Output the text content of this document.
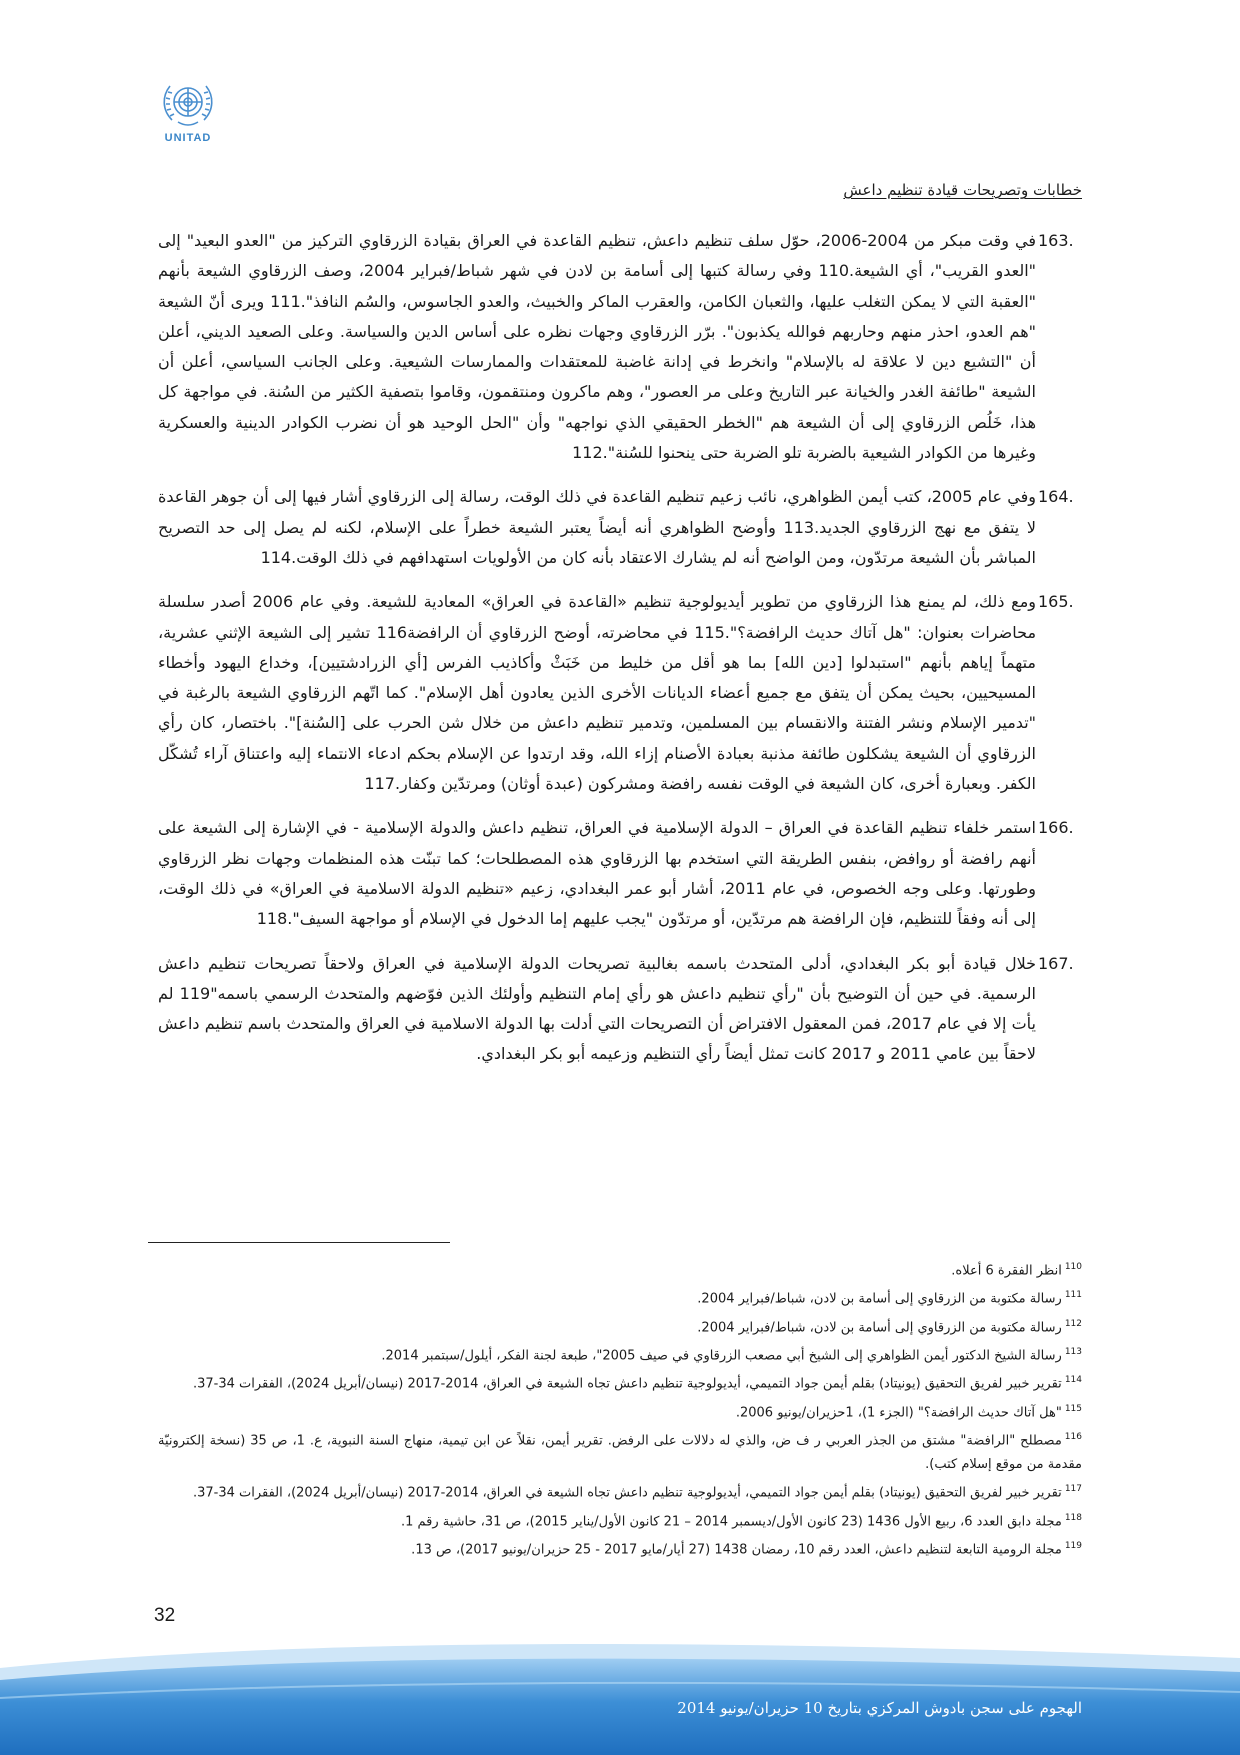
UNITAD
خطابات وتصريحات قيادة تنظيم داعش
163.
في وقت مبكر من 2004-2006، حوّل سلف تنظيم داعش، تنظيم القاعدة في العراق بقيادة الزرقاوي التركيز من "العدو البعيد" إلى "العدو القريب"، أي الشيعة.110 وفي رسالة كتبها إلى أسامة بن لادن في شهر شباط/فبراير 2004، وصف الزرقاوي الشيعة بأنهم "العقبة التي لا يمكن التغلب عليها، والثعبان الكامن، والعقرب الماكر والخبيث، والعدو الجاسوس، والسُم النافذ".111 ويرى أنّ الشيعة "هم العدو، احذر منهم وحاربهم فوالله يكذبون". برّر الزرقاوي وجهات نظره على أساس الدين والسياسة. وعلى الصعيد الديني، أعلن أن "التشيع دين لا علاقة له بالإسلام" وانخرط في إدانة غاضبة للمعتقدات والممارسات الشيعية. وعلى الجانب السياسي، أعلن أن الشيعة "طائفة الغدر والخيانة عبر التاريخ وعلى مر العصور"، وهم ماكرون ومنتقمون، وقاموا بتصفية الكثير من السُنة. في مواجهة كل هذا، خَلُص الزرقاوي إلى أن الشيعة هم "الخطر الحقيقي الذي نواجهه" وأن "الحل الوحيد هو أن نضرب الكوادر الدينية والعسكرية وغيرها من الكوادر الشيعية بالضربة تلو الضربة حتى ينحنوا للسُنة".112
164.
وفي عام 2005، كتب أيمن الظواهري، نائب زعيم تنظيم القاعدة في ذلك الوقت، رسالة إلى الزرقاوي أشار فيها إلى أن جوهر القاعدة لا يتفق مع نهج الزرقاوي الجديد.113 وأوضح الظواهري أنه أيضاً يعتبر الشيعة خطراً على الإسلام، لكنه لم يصل إلى حد التصريح المباشر بأن الشيعة مرتدّون، ومن الواضح أنه لم يشارك الاعتقاد بأنه كان من الأولويات استهدافهم في ذلك الوقت.114
165.
ومع ذلك، لم يمنع هذا الزرقاوي من تطوير أيديولوجية تنظيم «القاعدة في العراق» المعادية للشيعة. وفي عام 2006 أصدر سلسلة محاضرات بعنوان: "هل آتاك حديث الرافضة؟".115 في محاضرته، أوضح الزرقاوي أن الرافضة116 تشير إلى الشيعة الإثني عشرية، متهماً إياهم بأنهم "استبدلوا [دين الله] بما هو أقل من خليط من خَبَثْ وأكاذيب الفرس [أي الزرادشتيين]، وخداع اليهود وأخطاء المسيحيين، بحيث يمكن أن يتفق مع جميع أعضاء الديانات الأخرى الذين يعادون أهل الإسلام". كما اتّهم الزرقاوي الشيعة بالرغبة في "تدمير الإسلام ونشر الفتنة والانقسام بين المسلمين، وتدمير تنظيم داعش من خلال شن الحرب على [السُنة]". باختصار، كان رأي الزرقاوي أن الشيعة يشكلون طائفة مذنبة بعبادة الأصنام إزاء الله، وقد ارتدوا عن الإسلام بحكم ادعاء الانتماء إليه واعتناق آراء تُشكّل الكفر. وبعبارة أخرى، كان الشيعة في الوقت نفسه رافضة ومشركون (عبدة أوثان) ومرتدّين وكفار.117
166.
استمر خلفاء تنظيم القاعدة في العراق – الدولة الإسلامية في العراق، تنظيم داعش والدولة الإسلامية - في الإشارة إلى الشيعة على أنهم رافضة أو روافض، بنفس الطريقة التي استخدم بها الزرقاوي هذه المصطلحات؛ كما تبنّت هذه المنظمات وجهات نظر الزرقاوي وطورتها. وعلى وجه الخصوص، في عام 2011، أشار أبو عمر البغدادي، زعيم «تنظيم الدولة الاسلامية في العراق» في ذلك الوقت، إلى أنه وفقاً للتنظيم، فإن الرافضة هم مرتدّين، أو مرتدّون "يجب عليهم إما الدخول في الإسلام أو مواجهة السيف".118
167.
خلال قيادة أبو بكر البغدادي، أدلى المتحدث باسمه بغالبية تصريحات الدولة الإسلامية في العراق ولاحقاً تصريحات تنظيم داعش الرسمية. في حين أن التوضيح بأن "رأي تنظيم داعش هو رأي إمام التنظيم وأولئك الذين فوّضهم والمتحدث الرسمي باسمه"119 لم يأت إلا في عام 2017، فمن المعقول الافتراض أن التصريحات التي أدلت بها الدولة الاسلامية في العراق والمتحدث باسم تنظيم داعش لاحقاً بين عامي 2011 و 2017 كانت تمثل أيضاً رأي التنظيم وزعيمه أبو بكر البغدادي.
$^{110}$انظر الفقرة 6 أعلاه.
$^{111}$رسالة مكتوبة من الزرقاوي إلى أسامة بن لادن، شباط/فبراير 2004.
$^{112}$رسالة مكتوبة من الزرقاوي إلى أسامة بن لادن، شباط/فبراير 2004.
$^{113}$رسالة الشيخ الدكتور أيمن الظواهري إلى الشيخ أبي مصعب الزرقاوي في صيف 2005"، طبعة لجنة الفكر، أيلول/سبتمبر 2014.
$^{114}$تقرير خبير لفريق التحقيق (يونيتاد) بقلم أيمن جواد التميمي، أيديولوجية تنظيم داعش تجاه الشيعة في العراق، 2014-2017 (نيسان/أبريل 2024)، الفقرات 34-37.
$^{115}$"هل آتاك حديث الرافضة؟" (الجزء 1)، 1حزيران/يونيو 2006.
$^{116}$مصطلح "الرافضة" مشتق من الجذر العربي ر ف ض، والذي له دلالات على الرفض. تقرير أيمن، نقلاً عن ابن تيمية، منهاج السنة النبوية، ع. 1، ص 35 (نسخة إلكترونيّة مقدمة من موقع إسلام كتب).
$^{117}$تقرير خبير لفريق التحقيق (يونيتاد) بقلم أيمن جواد التميمي، أيديولوجية تنظيم داعش تجاه الشيعة في العراق، 2014-2017 (نيسان/أبريل 2024)، الفقرات 34-37.
$^{118}$مجلة دابق العدد 6، ربيع الأول 1436 (23 كانون الأول/ديسمبر 2014 – 21 كانون الأول/يناير 2015)، ص 31، حاشية رقم 1.
$^{119}$مجلة الرومية التابعة لتنظيم داعش، العدد رقم 10، رمضان 1438 (27 أيار/مايو 2017 - 25 حزيران/يونيو 2017)، ص 13.
32
الهجوم على سجن بادوش المركزي بتاريخ 10 حزيران/يونيو 2014
